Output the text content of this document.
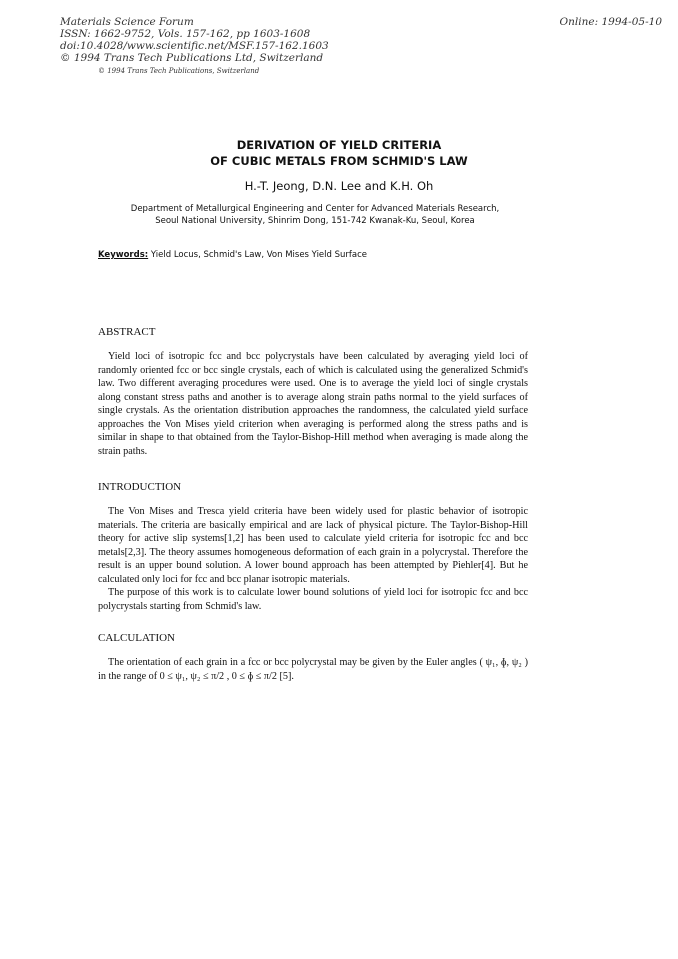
Materials Science Forum
ISSN: 1662-9752, Vols. 157-162, pp 1603-1608
doi:10.4028/www.scientific.net/MSF.157-162.1603
© 1994 Trans Tech Publications Ltd, Switzerland
Online: 1994-05-10
© 1994 Trans Tech Publications, Switzerland
DERIVATION OF YIELD CRITERIA
OF CUBIC METALS FROM SCHMID'S LAW
H.-T. Jeong, D.N. Lee and K.H. Oh
Department of Metallurgical Engineering and Center for Advanced Materials Research,
Seoul National University, Shinrim Dong, 151-742 Kwanak-Ku, Seoul, Korea
Keywords: Yield Locus, Schmid's Law, Von Mises Yield Surface
ABSTRACT

Yield loci of isotropic fcc and bcc polycrystals have been calculated by averaging yield loci of randomly oriented fcc or bcc single crystals, each of which is calculated using the generalized Schmid's law. Two different averaging procedures were used. One is to average the yield loci of single crystals along constant stress paths and another is to average along strain paths normal to the yield surfaces of single crystals. As the orientation distribution approaches the randomness, the calculated yield surface approaches the Von Mises yield criterion when averaging is performed along the stress paths and is similar in shape to that obtained from the Taylor-Bishop-Hill method when averaging is made along the strain paths.

INTRODUCTION

The Von Mises and Tresca yield criteria have been widely used for plastic behavior of isotropic materials. The criteria are basically empirical and are lack of physical picture. The Taylor-Bishop-Hill theory for active slip systems[1,2] has been used to calculate yield criteria for isotropic fcc and bcc metals[2,3]. The theory assumes homogeneous deformation of each grain in a polycrystal. Therefore the result is an upper bound solution. A lower bound approach has been attempted by Piehler[4]. But he calculated only loci for fcc and bcc planar isotropic materials.

The purpose of this work is to calculate lower bound solutions of yield loci for isotropic fcc and bcc polycrystals starting from Schmid's law.

CALCULATION

The orientation of each grain in a fcc or bcc polycrystal may be given by the Euler angles ( ψ₁, ɸ, ψ₂ ) in the range of 0 ≤ ψ₁, ψ₂ ≤ π/2 , 0 ≤ ɸ ≤ π/2 [5].
